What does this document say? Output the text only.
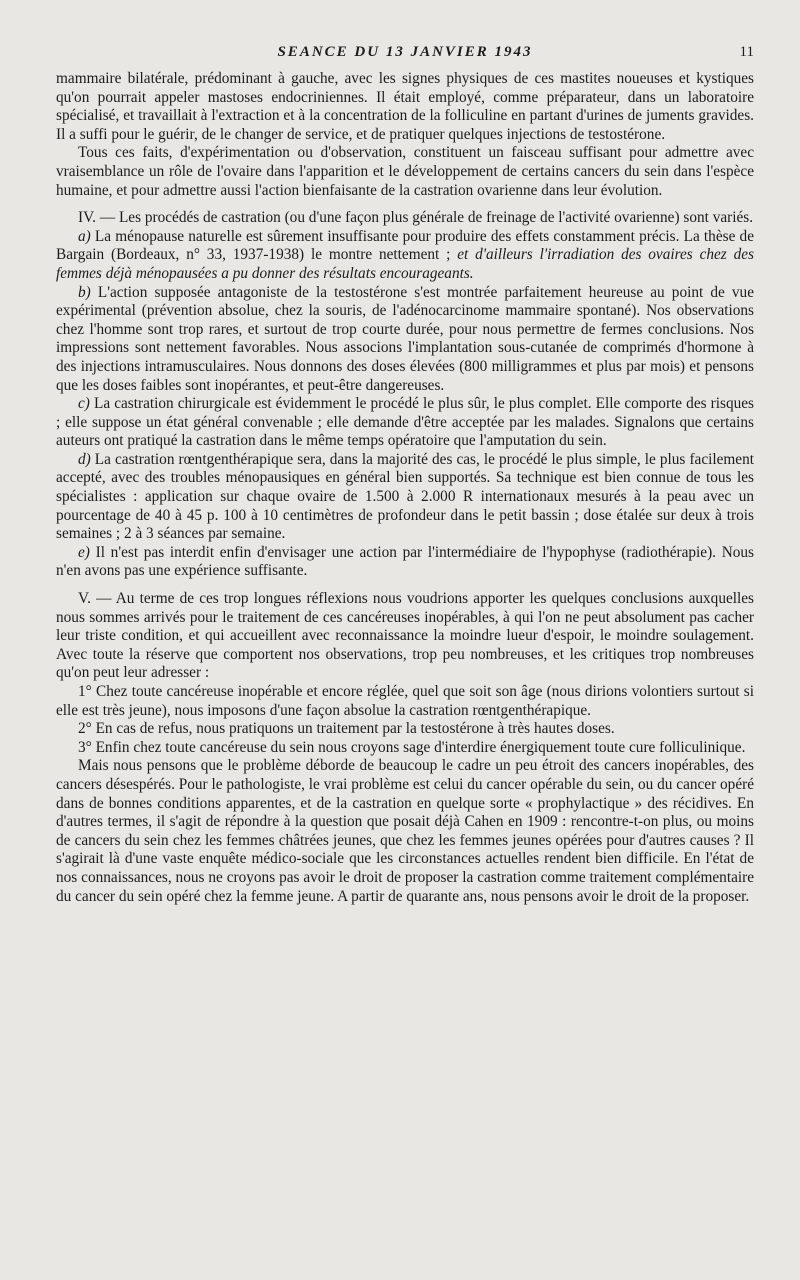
SEANCE DU 13 JANVIER 1943	11

mammaire bilatérale, prédominant à gauche, avec les signes physiques de ces mastites noueuses et kystiques qu'on pourrait appeler mastoses endocriniennes. Il était employé, comme préparateur, dans un laboratoire spécialisé, et travaillait à l'extraction et à la concentration de la folliculine en partant d'urines de juments gravides. Il a suffi pour le guérir, de le changer de service, et de pratiquer quelques injections de testostérone.

Tous ces faits, d'expérimentation ou d'observation, constituent un faisceau suffisant pour admettre avec vraisemblance un rôle de l'ovaire dans l'apparition et le développement de certains cancers du sein dans l'espèce humaine, et pour admettre aussi l'action bienfaisante de la castration ovarienne dans leur évolution.

IV. — Les procédés de castration (ou d'une façon plus générale de freinage de l'activité ovarienne) sont variés.

a) La ménopause naturelle est sûrement insuffisante pour produire des effets constamment précis. La thèse de Bargain (Bordeaux, n° 33, 1937-1938) le montre nettement ; et d'ailleurs l'irradiation des ovaires chez des femmes déjà ménopausées a pu donner des résultats encourageants.

b) L'action supposée antagoniste de la testostérone s'est montrée parfaitement heureuse au point de vue expérimental (prévention absolue, chez la souris, de l'adénocarcinome mammaire spontané). Nos observations chez l'homme sont trop rares, et surtout de trop courte durée, pour nous permettre de fermes conclusions. Nos impressions sont nettement favorables. Nous associons l'implantation sous-cutanée de comprimés d'hormone à des injections intramusculaires. Nous donnons des doses élevées (800 milligrammes et plus par mois) et pensons que les doses faibles sont inopérantes, et peut-être dangereuses.

c) La castration chirurgicale est évidemment le procédé le plus sûr, le plus complet. Elle comporte des risques ; elle suppose un état général convenable ; elle demande d'être acceptée par les malades. Signalons que certains auteurs ont pratiqué la castration dans le même temps opératoire que l'amputation du sein.

d) La castration rœntgenthérapique sera, dans la majorité des cas, le procédé le plus simple, le plus facilement accepté, avec des troubles ménopausiques en général bien supportés. Sa technique est bien connue de tous les spécialistes : application sur chaque ovaire de 1.500 à 2.000 R internationaux mesurés à la peau avec un pourcentage de 40 à 45 p. 100 à 10 centimètres de profondeur dans le petit bassin ; dose étalée sur deux à trois semaines ; 2 à 3 séances par semaine.

e) Il n'est pas interdit enfin d'envisager une action par l'intermédiaire de l'hypophyse (radiothérapie). Nous n'en avons pas une expérience suffisante.

V. — Au terme de ces trop longues réflexions nous voudrions apporter les quelques conclusions auxquelles nous sommes arrivés pour le traitement de ces cancéreuses inopérables, à qui l'on ne peut absolument pas cacher leur triste condition, et qui accueillent avec reconnaissance la moindre lueur d'espoir, le moindre soulagement. Avec toute la réserve que comportent nos observations, trop peu nombreuses, et les critiques trop nombreuses qu'on peut leur adresser :

1° Chez toute cancéreuse inopérable et encore réglée, quel que soit son âge (nous dirions volontiers surtout si elle est très jeune), nous imposons d'une façon absolue la castration rœntgenthérapique.

2° En cas de refus, nous pratiquons un traitement par la testostérone à très hautes doses.

3° Enfin chez toute cancéreuse du sein nous croyons sage d'interdire énergiquement toute cure folliculinique.

Mais nous pensons que le problème déborde de beaucoup le cadre un peu étroit des cancers inopérables, des cancers désespérés. Pour le pathologiste, le vrai problème est celui du cancer opérable du sein, ou du cancer opéré dans de bonnes conditions apparentes, et de la castration en quelque sorte « prophylactique » des récidives. En d'autres termes, il s'agit de répondre à la question que posait déjà Cahen en 1909 : rencontre-t-on plus, ou moins de cancers du sein chez les femmes châtrées jeunes, que chez les femmes jeunes opérées pour d'autres causes ? Il s'agirait là d'une vaste enquête médico-sociale que les circonstances actuelles rendent bien difficile. En l'état de nos connaissances, nous ne croyons pas avoir le droit de proposer la castration comme traitement complémentaire du cancer du sein opéré chez la femme jeune. A partir de quarante ans, nous pensons avoir le droit de la proposer.
